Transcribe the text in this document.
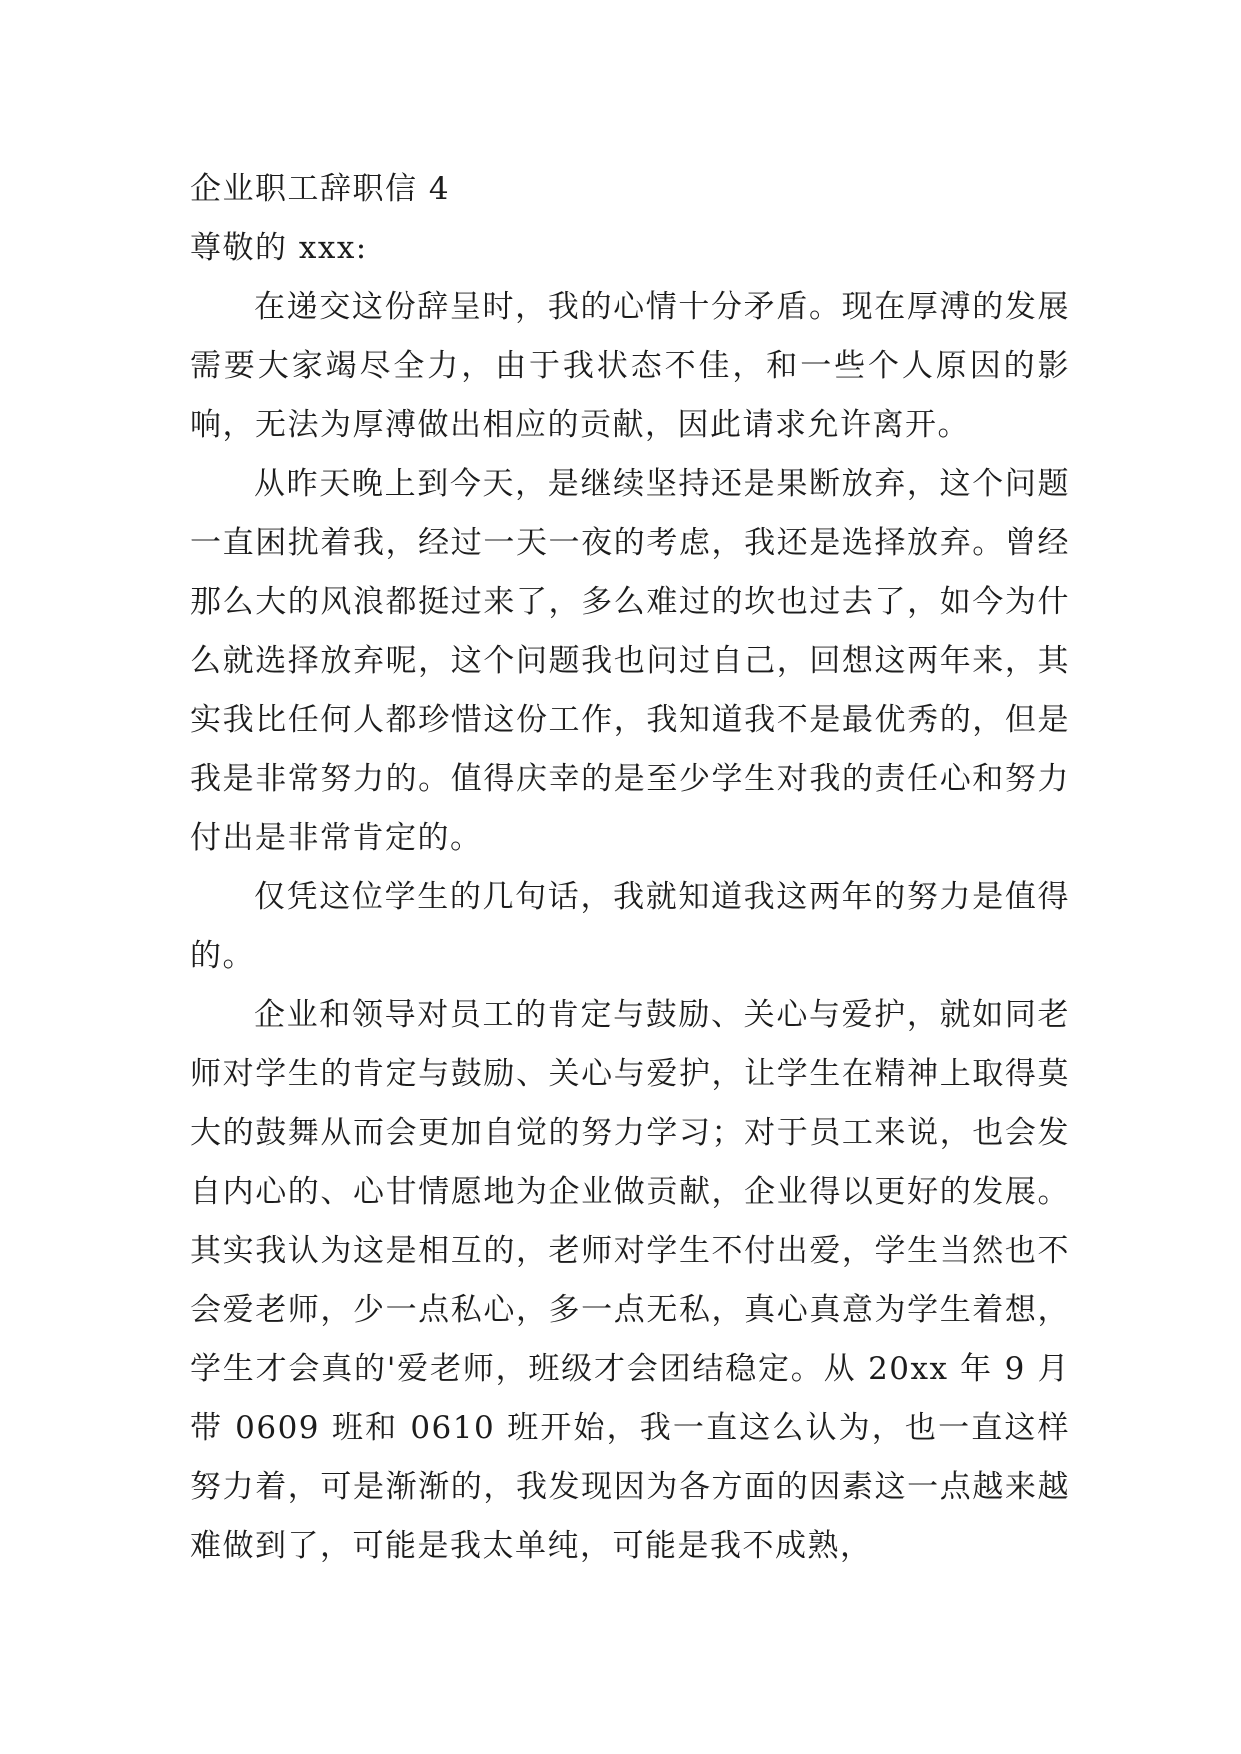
企业职工辞职信 4

尊敬的 xxx:

在递交这份辞呈时，我的心情十分矛盾。现在厚溥的发展需要大家竭尽全力，由于我状态不佳，和一些个人原因的影响，无法为厚溥做出相应的贡献，因此请求允许离开。

从昨天晚上到今天，是继续坚持还是果断放弃，这个问题一直困扰着我，经过一天一夜的考虑，我还是选择放弃。曾经那么大的风浪都挺过来了，多么难过的坎也过去了，如今为什么就选择放弃呢，这个问题我也问过自己，回想这两年来，其实我比任何人都珍惜这份工作，我知道我不是最优秀的，但是我是非常努力的。值得庆幸的是至少学生对我的责任心和努力付出是非常肯定的。

仅凭这位学生的几句话，我就知道我这两年的努力是值得的。

企业和领导对员工的肯定与鼓励、关心与爱护，就如同老师对学生的肯定与鼓励、关心与爱护，让学生在精神上取得莫大的鼓舞从而会更加自觉的努力学习；对于员工来说，也会发自内心的、心甘情愿地为企业做贡献，企业得以更好的发展。其实我认为这是相互的，老师对学生不付出爱，学生当然也不会爱老师，少一点私心，多一点无私，真心真意为学生着想，学生才会真的'爱老师，班级才会团结稳定。从 20xx 年 9 月带 0609 班和 0610 班开始，我一直这么认为，也一直这样努力着，可是渐渐的，我发现因为各方面的因素这一点越来越难做到了，可能是我太单纯，可能是我不成熟，
